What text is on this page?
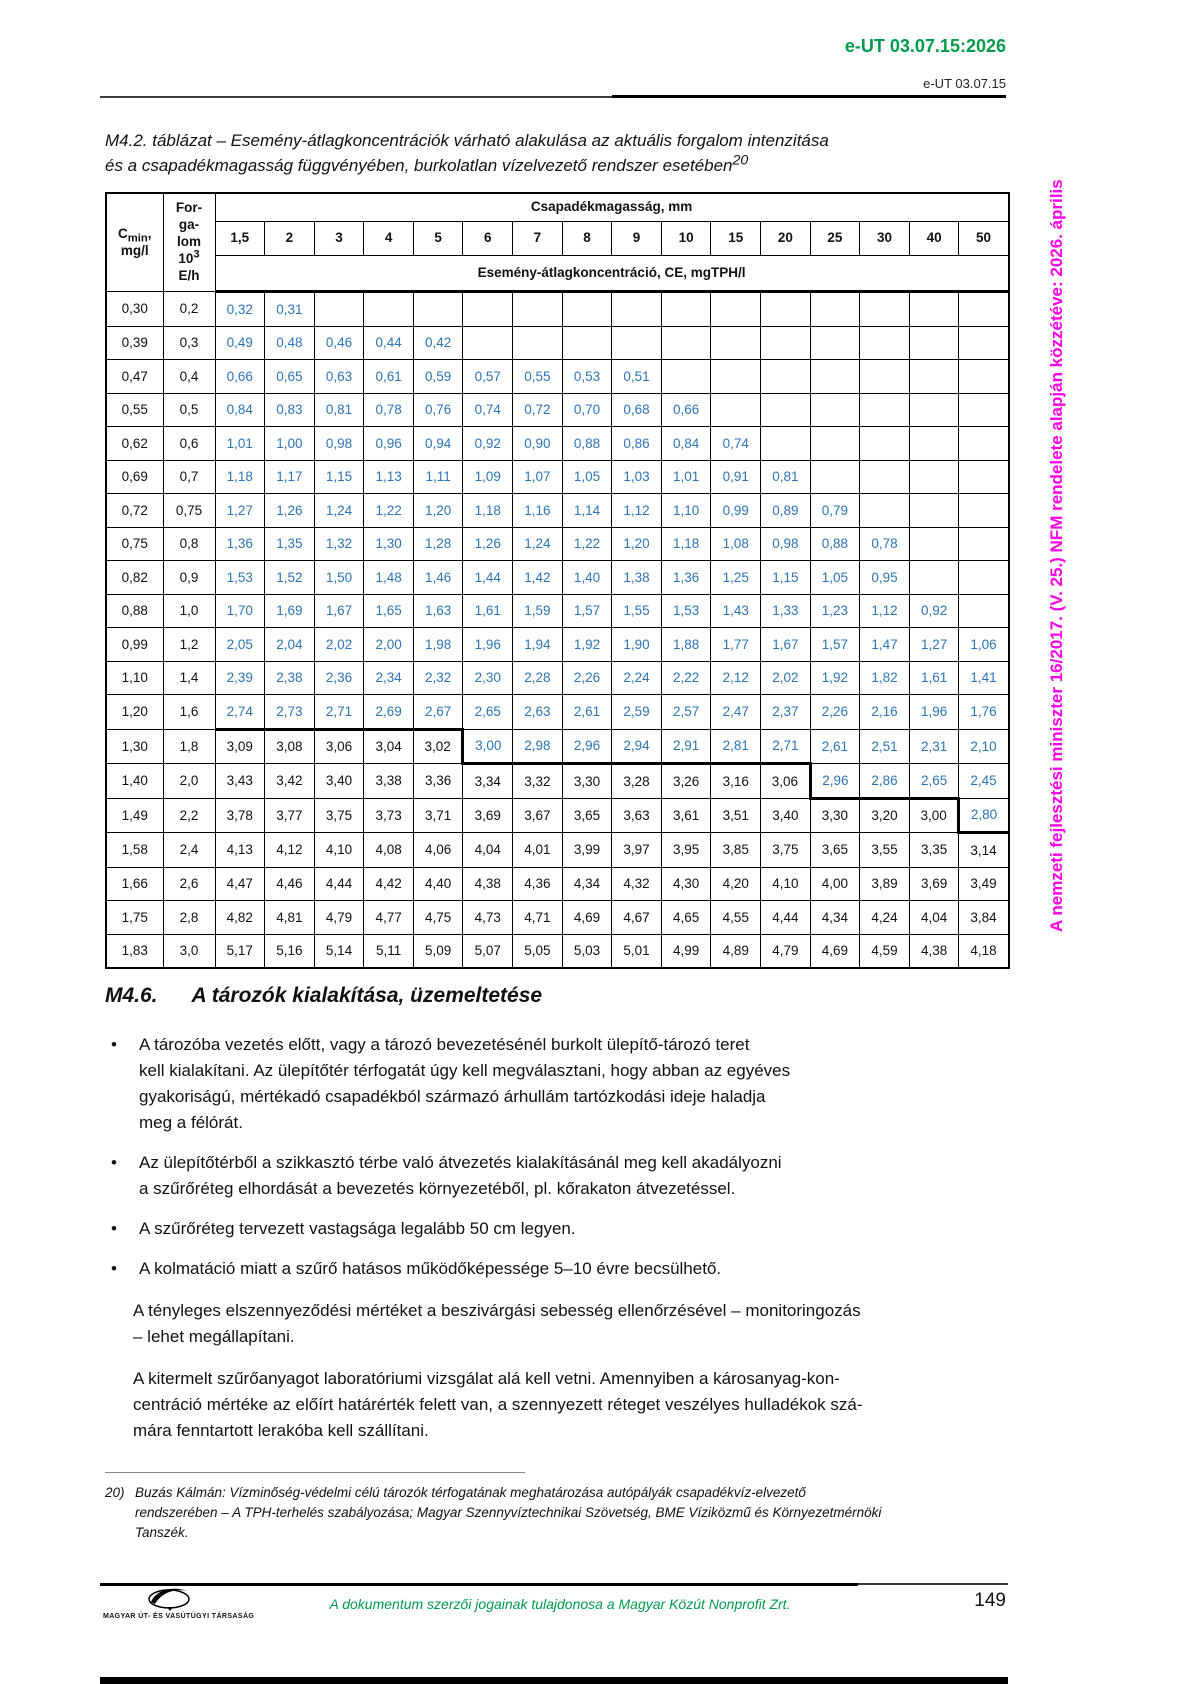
e-UT 03.07.15:2026
e-UT 03.07.15
A nemzeti fejlesztési miniszter 16/2017. (V. 25.) NFM rendelete alapján közzétéve: 2026. április
M4.2. táblázat – Esemény-átlagkoncentrációk várható alakulása az aktuális forgalom intenzitása
és a csapadékmagasság függvényében, burkolatlan vízelvezető rendszer esetében$^{20}$
$C_{min}$,
mg/l	For-
ga-
lom
$10^3$
E/h	Csapadékmagasság, mm															
		1,5	2	3	4	5	6	7	8	9	10	15	20	25	30	40	50
		Esemény-átlagkoncentráció, CE, mgTPH/l															
0,30	0,2	0,32	0,31														
0,39	0,3	0,49	0,48	0,46	0,44	0,42											
0,47	0,4	0,66	0,65	0,63	0,61	0,59	0,57	0,55	0,53	0,51							
0,55	0,5	0,84	0,83	0,81	0,78	0,76	0,74	0,72	0,70	0,68	0,66						
0,62	0,6	1,01	1,00	0,98	0,96	0,94	0,92	0,90	0,88	0,86	0,84	0,74					
0,69	0,7	1,18	1,17	1,15	1,13	1,11	1,09	1,07	1,05	1,03	1,01	0,91	0,81				
0,72	0,75	1,27	1,26	1,24	1,22	1,20	1,18	1,16	1,14	1,12	1,10	0,99	0,89	0,79			
0,75	0,8	1,36	1,35	1,32	1,30	1,28	1,26	1,24	1,22	1,20	1,18	1,08	0,98	0,88	0,78		
0,82	0,9	1,53	1,52	1,50	1,48	1,46	1,44	1,42	1,40	1,38	1,36	1,25	1,15	1,05	0,95		
0,88	1,0	1,70	1,69	1,67	1,65	1,63	1,61	1,59	1,57	1,55	1,53	1,43	1,33	1,23	1,12	0,92	
0,99	1,2	2,05	2,04	2,02	2,00	1,98	1,96	1,94	1,92	1,90	1,88	1,77	1,67	1,57	1,47	1,27	1,06
1,10	1,4	2,39	2,38	2,36	2,34	2,32	2,30	2,28	2,26	2,24	2,22	2,12	2,02	1,92	1,82	1,61	1,41
1,20	1,6	2,74	2,73	2,71	2,69	2,67	2,65	2,63	2,61	2,59	2,57	2,47	2,37	2,26	2,16	1,96	1,76
1,30	1,8	3,09	3,08	3,06	3,04	3,02	3,00	2,98	2,96	2,94	2,91	2,81	2,71	2,61	2,51	2,31	2,10
1,40	2,0	3,43	3,42	3,40	3,38	3,36	3,34	3,32	3,30	3,28	3,26	3,16	3,06	2,96	2,86	2,65	2,45
1,49	2,2	3,78	3,77	3,75	3,73	3,71	3,69	3,67	3,65	3,63	3,61	3,51	3,40	3,30	3,20	3,00	2,80
1,58	2,4	4,13	4,12	4,10	4,08	4,06	4,04	4,01	3,99	3,97	3,95	3,85	3,75	3,65	3,55	3,35	3,14
1,66	2,6	4,47	4,46	4,44	4,42	4,40	4,38	4,36	4,34	4,32	4,30	4,20	4,10	4,00	3,89	3,69	3,49
1,75	2,8	4,82	4,81	4,79	4,77	4,75	4,73	4,71	4,69	4,67	4,65	4,55	4,44	4,34	4,24	4,04	3,84
1,83	3,0	5,17	5,16	5,14	5,11	5,09	5,07	5,05	5,03	5,01	4,99	4,89	4,79	4,69	4,59	4,38	4,18
M4.6. A tározók kialakítása, üzemeltetése
•	A tározóba vezetés előtt, vagy a tározó bevezetésénél burkolt ülepítő-tározó teret
kell kialakítani. Az ülepítőtér térfogatát úgy kell megválasztani, hogy abban az egyéves
gyakoriságú, mértékadó csapadékból származó árhullám tartózkodási ideje haladja
meg a félórát.
•	Az ülepítőtérből a szikkasztó térbe való átvezetés kialakításánál meg kell akadályozni
a szűrőréteg elhordását a bevezetés környezetéből, pl. kőrakaton átvezetéssel.
•	A szűrőréteg tervezett vastagsága legalább 50 cm legyen.
•	A kolmatáció miatt a szűrő hatásos működőképessége 5–10 évre becsülhető.
A tényleges elszennyeződési mértéket a beszivárgási sebesség ellenőrzésével – monitoringozás
– lehet megállapítani.
A kitermelt szűrőanyagot laboratóriumi vizsgálat alá kell vetni. Amennyiben a károsanyag-kon-
centráció mértéke az előírt határérték felett van, a szennyezett réteget veszélyes hulladékok szá-
mára fenntartott lerakóba kell szállítani.
20) Buzás Kálmán: Vízminőség-védelmi célú tározók térfogatának meghatározása autópályák csapadékvíz-elvezető
rendszerében – A TPH-terhelés szabályozása; Magyar Szennyvíztechnikai Szövetség, BME Víziközmű és Környezetmérnöki
Tanszék.
MAGYAR ÚT- ÉS VASÚTÜGYI TÁRSASÁG
A dokumentum szerzői jogainak tulajdonosa a Magyar Közút Nonprofit Zrt.	149
